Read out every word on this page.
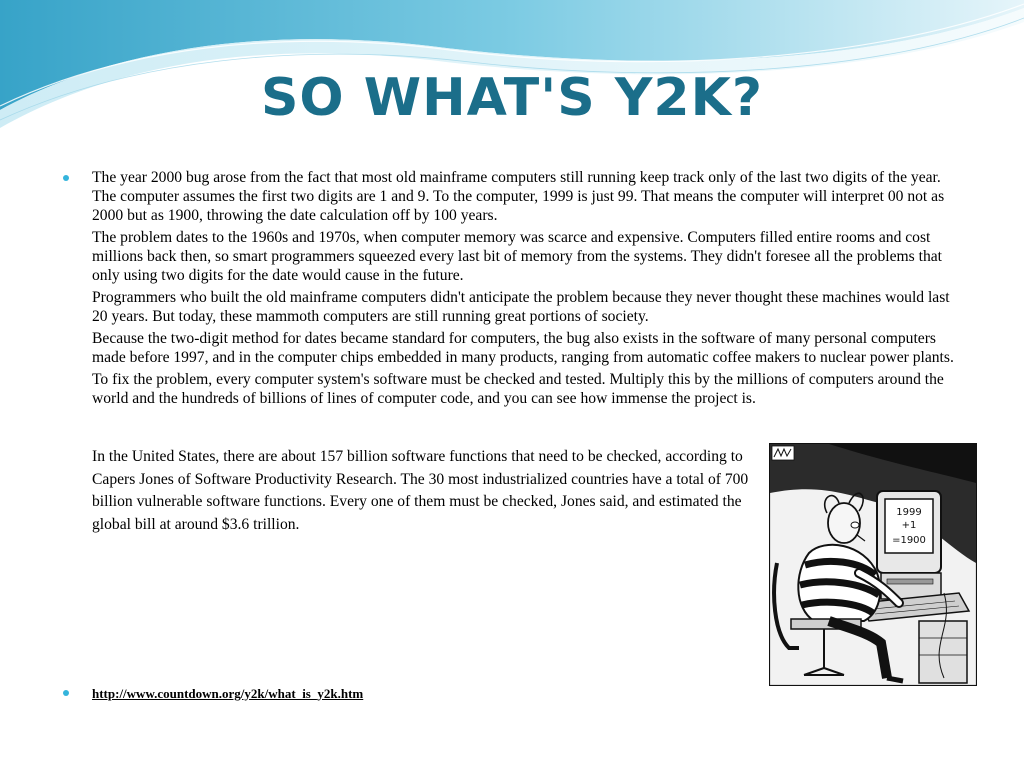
SO WHAT'S Y2K?

The year 2000 bug arose from the fact that most old mainframe computers still running keep track only of the last two digits of the year. The computer assumes the first two digits are 1 and 9. To the computer, 1999 is just 99. That means the computer will interpret 00 not as 2000 but as 1900, throwing the date calculation off by 100 years.

The problem dates to the 1960s and 1970s, when computer memory was scarce and expensive. Computers filled entire rooms and cost millions back then, so smart programmers squeezed every last bit of memory from the systems. They didn't foresee all the problems that only using two digits for the date would cause in the future.

Programmers who built the old mainframe computers didn't anticipate the problem because they never thought these machines would last 20 years. But today, these mammoth computers are still running great portions of society.

Because the two-digit method for dates became standard for computers, the bug also exists in the software of many personal computers made before 1997, and in the computer chips embedded in many products, ranging from automatic coffee makers to nuclear power plants.

To fix the problem, every computer system's software must be checked and tested. Multiply this by the millions of computers around the world and the hundreds of billions of lines of computer code, and you can see how immense the project is.

In the United States, there are about 157 billion software functions that need to be checked, according to Capers Jones of Software Productivity Research. The 30 most industrialized countries have a total of 700 billion vulnerable software functions. Every one of them must be checked, Jones said, and estimated the global bill at around $3.6 trillion.

1999
+1
=1900
http://www.countdown.org/y2k/what_is_y2k.htm
